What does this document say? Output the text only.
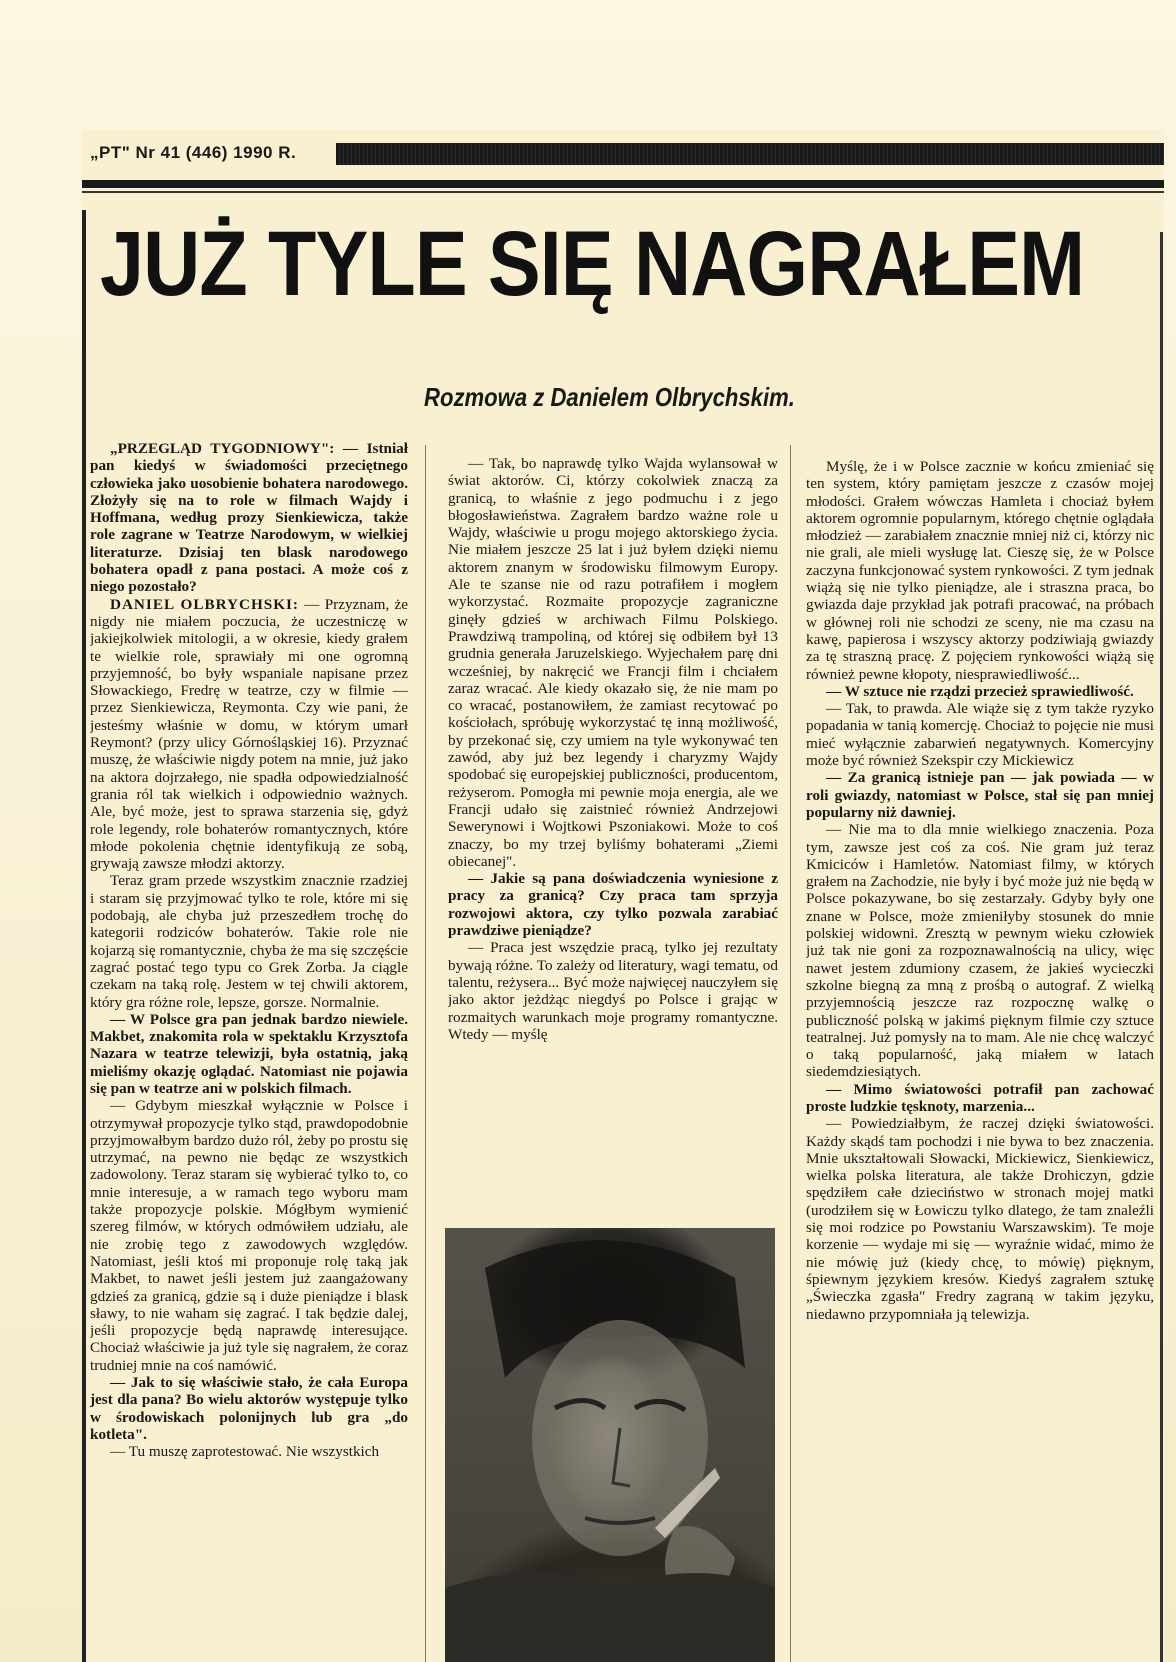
„PT" Nr 41 (446) 1990 R.
JUŻ TYLE SIĘ NAGRAŁEM
Rozmowa z Danielem Olbrychskim.

„PRZEGLĄD TYGODNIOWY": — Istniał pan kiedyś w świadomości przeciętnego człowieka jako uosobienie bohatera narodowego. Złożyły się na to role w filmach Wajdy i Hoffmana, według prozy Sienkiewicza, także role zagrane w Teatrze Narodowym, w wielkiej literaturze. Dzisiaj ten blask narodowego bohatera opadł z pana postaci. A może coś z niego pozostało?

DANIEL OLBRYCHSKI: — Przyznam, że nigdy nie miałem poczucia, że uczestniczę w jakiejkolwiek mitologii, a w okresie, kiedy grałem te wielkie role, sprawiały mi one ogromną przyjemność, bo były wspaniale napisane przez Słowackiego, Fredrę w teatrze, czy w filmie — przez Sienkiewicza, Reymonta. Czy wie pani, że jesteśmy właśnie w domu, w którym umarł Reymont? (przy ulicy Górnośląskiej 16). Przyznać muszę, że właściwie nigdy potem na mnie, już jako na aktora dojrzałego, nie spadła odpowiedzialność grania ról tak wielkich i odpowiednio ważnych. Ale, być może, jest to sprawa starzenia się, gdyż role legendy, role bohaterów romantycznych, które młode pokolenia chętnie identyfikują ze sobą, grywają zawsze młodzi aktorzy.

Teraz gram przede wszystkim znacznie rzadziej i staram się przyjmować tylko te role, które mi się podobają, ale chyba już przeszedłem trochę do kategorii rodziców bohaterów. Takie role nie kojarzą się romantycznie, chyba że ma się szczęście zagrać postać tego typu co Grek Zorba. Ja ciągle czekam na taką rolę. Jestem w tej chwili aktorem, który gra różne role, lepsze, gorsze. Normalnie.

— W Polsce gra pan jednak bardzo niewiele. Makbet, znakomita rola w spektaklu Krzysztofa Nazara w teatrze telewizji, była ostatnią, jaką mieliśmy okazję oglądać. Natomiast nie pojawia się pan w teatrze ani w polskich filmach.

— Gdybym mieszkał wyłącznie w Polsce i otrzymywał propozycje tylko stąd, prawdopodobnie przyjmowałbym bardzo dużo ról, żeby po prostu się utrzymać, na pewno nie będąc ze wszystkich zadowolony. Teraz staram się wybierać tylko to, co mnie interesuje, a w ramach tego wyboru mam także propozycje polskie. Mógłbym wymienić szereg filmów, w których odmówiłem udziału, ale nie zrobię tego z zawodowych względów. Natomiast, jeśli ktoś mi proponuje rolę taką jak Makbet, to nawet jeśli jestem już zaangażowany gdzieś za granicą, gdzie są i duże pieniądze i blask sławy, to nie waham się zagrać. I tak będzie dalej, jeśli propozycje będą naprawdę interesujące. Chociaż właściwie ja już tyle się nagrałem, że coraz trudniej mnie na coś namówić.

— Jak to się właściwie stało, że cała Europa jest dla pana? Bo wielu aktorów występuje tylko w środowiskach polonijnych lub gra „do kotleta".

— Tu muszę zaprotestować. Nie wszystkich

— Tak, bo naprawdę tylko Wajda wylansował w świat aktorów. Ci, którzy cokolwiek znaczą za granicą, to właśnie z jego podmuchu i z jego błogosławieństwa. Zagrałem bardzo ważne role u Wajdy, właściwie u progu mojego aktorskiego życia. Nie miałem jeszcze 25 lat i już byłem dzięki niemu aktorem znanym w środowisku filmowym Europy. Ale te szanse nie od razu potrafiłem i mogłem wykorzystać. Rozmaite propozycje zagraniczne ginęły gdzieś w archiwach Filmu Polskiego. Prawdziwą trampoliną, od której się odbiłem był 13 grudnia generała Jaruzelskiego. Wyjechałem parę dni wcześniej, by nakręcić we Francji film i chciałem zaraz wracać. Ale kiedy okazało się, że nie mam po co wracać, postanowiłem, że zamiast recytować po kościołach, spróbuję wykorzystać tę inną możliwość, by przekonać się, czy umiem na tyle wykonywać ten zawód, aby już bez legendy i charyzmy Wajdy spodobać się europejskiej publiczności, producentom, reżyserom. Pomogła mi pewnie moja energia, ale we Francji udało się zaistnieć również Andrzejowi Sewerynowi i Wojtkowi Pszoniakowi. Może to coś znaczy, bo my trzej byliśmy bohaterami „Ziemi obiecanej".

— Jakie są pana doświadczenia wyniesione z pracy za granicą? Czy praca tam sprzyja rozwojowi aktora, czy tylko pozwala zarabiać prawdziwe pieniądze?

— Praca jest wszędzie pracą, tylko jej rezultaty bywają różne. To zależy od literatury, wagi tematu, od talentu, reżysera... Być może najwięcej nauczyłem się jako aktor jeżdżąc niegdyś po Polsce i grając w rozmaitych warunkach moje programy romantyczne. Wtedy — myślę

Myślę, że i w Polsce zacznie w końcu zmieniać się ten system, który pamiętam jeszcze z czasów mojej młodości. Grałem wówczas Hamleta i chociaż byłem aktorem ogromnie popularnym, którego chętnie oglądała młodzież — zarabiałem znacznie mniej niż ci, którzy nic nie grali, ale mieli wysługę lat. Cieszę się, że w Polsce zaczyna funkcjonować system rynkowości. Z tym jednak wiążą się nie tylko pieniądze, ale i straszna praca, bo gwiazda daje przykład jak potrafi pracować, na próbach w głównej roli nie schodzi ze sceny, nie ma czasu na kawę, papierosa i wszyscy aktorzy podziwiają gwiazdy za tę straszną pracę. Z pojęciem rynkowości wiążą się również pewne kłopoty, niesprawiedliwość...

— W sztuce nie rządzi przecież sprawiedliwość.

— Tak, to prawda. Ale wiąże się z tym także ryzyko popadania w tanią komercję. Chociaż to pojęcie nie musi mieć wyłącznie zabarwień negatywnych. Komercyjny może być również Szekspir czy Mickiewicz

— Za granicą istnieje pan — jak powiada — w roli gwiazdy, natomiast w Polsce, stał się pan mniej popularny niż dawniej.

— Nie ma to dla mnie wielkiego znaczenia. Poza tym, zawsze jest coś za coś. Nie gram już teraz Kmiciców i Hamletów. Natomiast filmy, w których grałem na Zachodzie, nie były i być może już nie będą w Polsce pokazywane, bo się zestarzały. Gdyby były one znane w Polsce, może zmieniłyby stosunek do mnie polskiej widowni. Zresztą w pewnym wieku człowiek już tak nie goni za rozpoznawalnością na ulicy, więc nawet jestem zdumiony czasem, że jakieś wycieczki szkolne biegną za mną z prośbą o autograf. Z wielką przyjemnością jeszcze raz rozpocznę walkę o publiczność polską w jakimś pięknym filmie czy sztuce teatralnej. Już pomysły na to mam. Ale nie chcę walczyć o taką popularność, jaką miałem w latach siedemdziesiątych.

— Mimo światowości potrafił pan zachować proste ludzkie tęsknoty, marzenia...

— Powiedziałbym, że raczej dzięki światowości. Każdy skądś tam pochodzi i nie bywa to bez znaczenia. Mnie ukształtowali Słowacki, Mickiewicz, Sienkiewicz, wielka polska literatura, ale także Drohiczyn, gdzie spędziłem całe dzieciństwo w stronach mojej matki (urodziłem się w Łowiczu tylko dlatego, że tam znaleźli się moi rodzice po Powstaniu Warszawskim). Te moje korzenie — wydaje mi się — wyraźnie widać, mimo że nie mówię już (kiedy chcę, to mówię) pięknym, śpiewnym językiem kresów. Kiedyś zagrałem sztukę „Świeczka zgasła" Fredry zagraną w takim języku, niedawno przypomniała ją telewizja.
